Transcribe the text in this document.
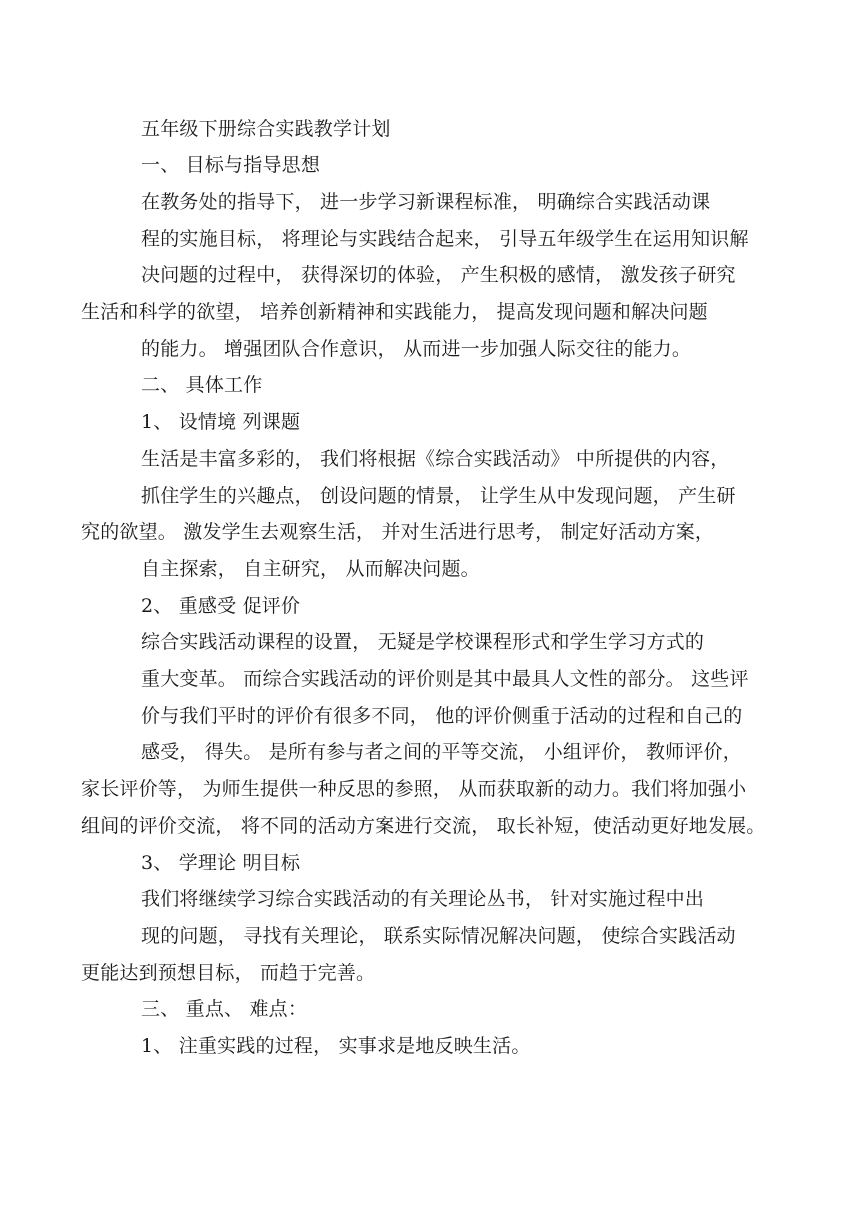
五年级下册综合实践教学计划
一、 目标与指导思想
在教务处的指导下， 进一步学习新课程标准， 明确综合实践活动课
程的实施目标， 将理论与实践结合起来， 引导五年级学生在运用知识解
决问题的过程中， 获得深切的体验， 产生积极的感情， 激发孩子研究
生活和科学的欲望， 培养创新精神和实践能力， 提高发现问题和解决问题
的能力。 增强团队合作意识， 从而进一步加强人际交往的能力。
二、 具体工作
1、 设情境 列课题
生活是丰富多彩的， 我们将根据《综合实践活动》 中所提供的内容，
抓住学生的兴趣点， 创设问题的情景， 让学生从中发现问题， 产生研
究的欲望。 激发学生去观察生活， 并对生活进行思考， 制定好活动方案，
自主探索， 自主研究， 从而解决问题。
2、 重感受 促评价
综合实践活动课程的设置， 无疑是学校课程形式和学生学习方式的
重大变革。 而综合实践活动的评价则是其中最具人文性的部分。 这些评
价与我们平时的评价有很多不同， 他的评价侧重于活动的过程和自己的
感受， 得失。 是所有参与者之间的平等交流， 小组评价， 教师评价，
家长评价等， 为师生提供一种反思的参照， 从而获取新的动力。我们将加强小
组间的评价交流， 将不同的活动方案进行交流， 取长补短，使活动更好地发展。
3、 学理论 明目标
我们将继续学习综合实践活动的有关理论丛书， 针对实施过程中出
现的问题， 寻找有关理论， 联系实际情况解决问题， 使综合实践活动
更能达到预想目标， 而趋于完善。
三、 重点、 难点：
1、 注重实践的过程， 实事求是地反映生活。
